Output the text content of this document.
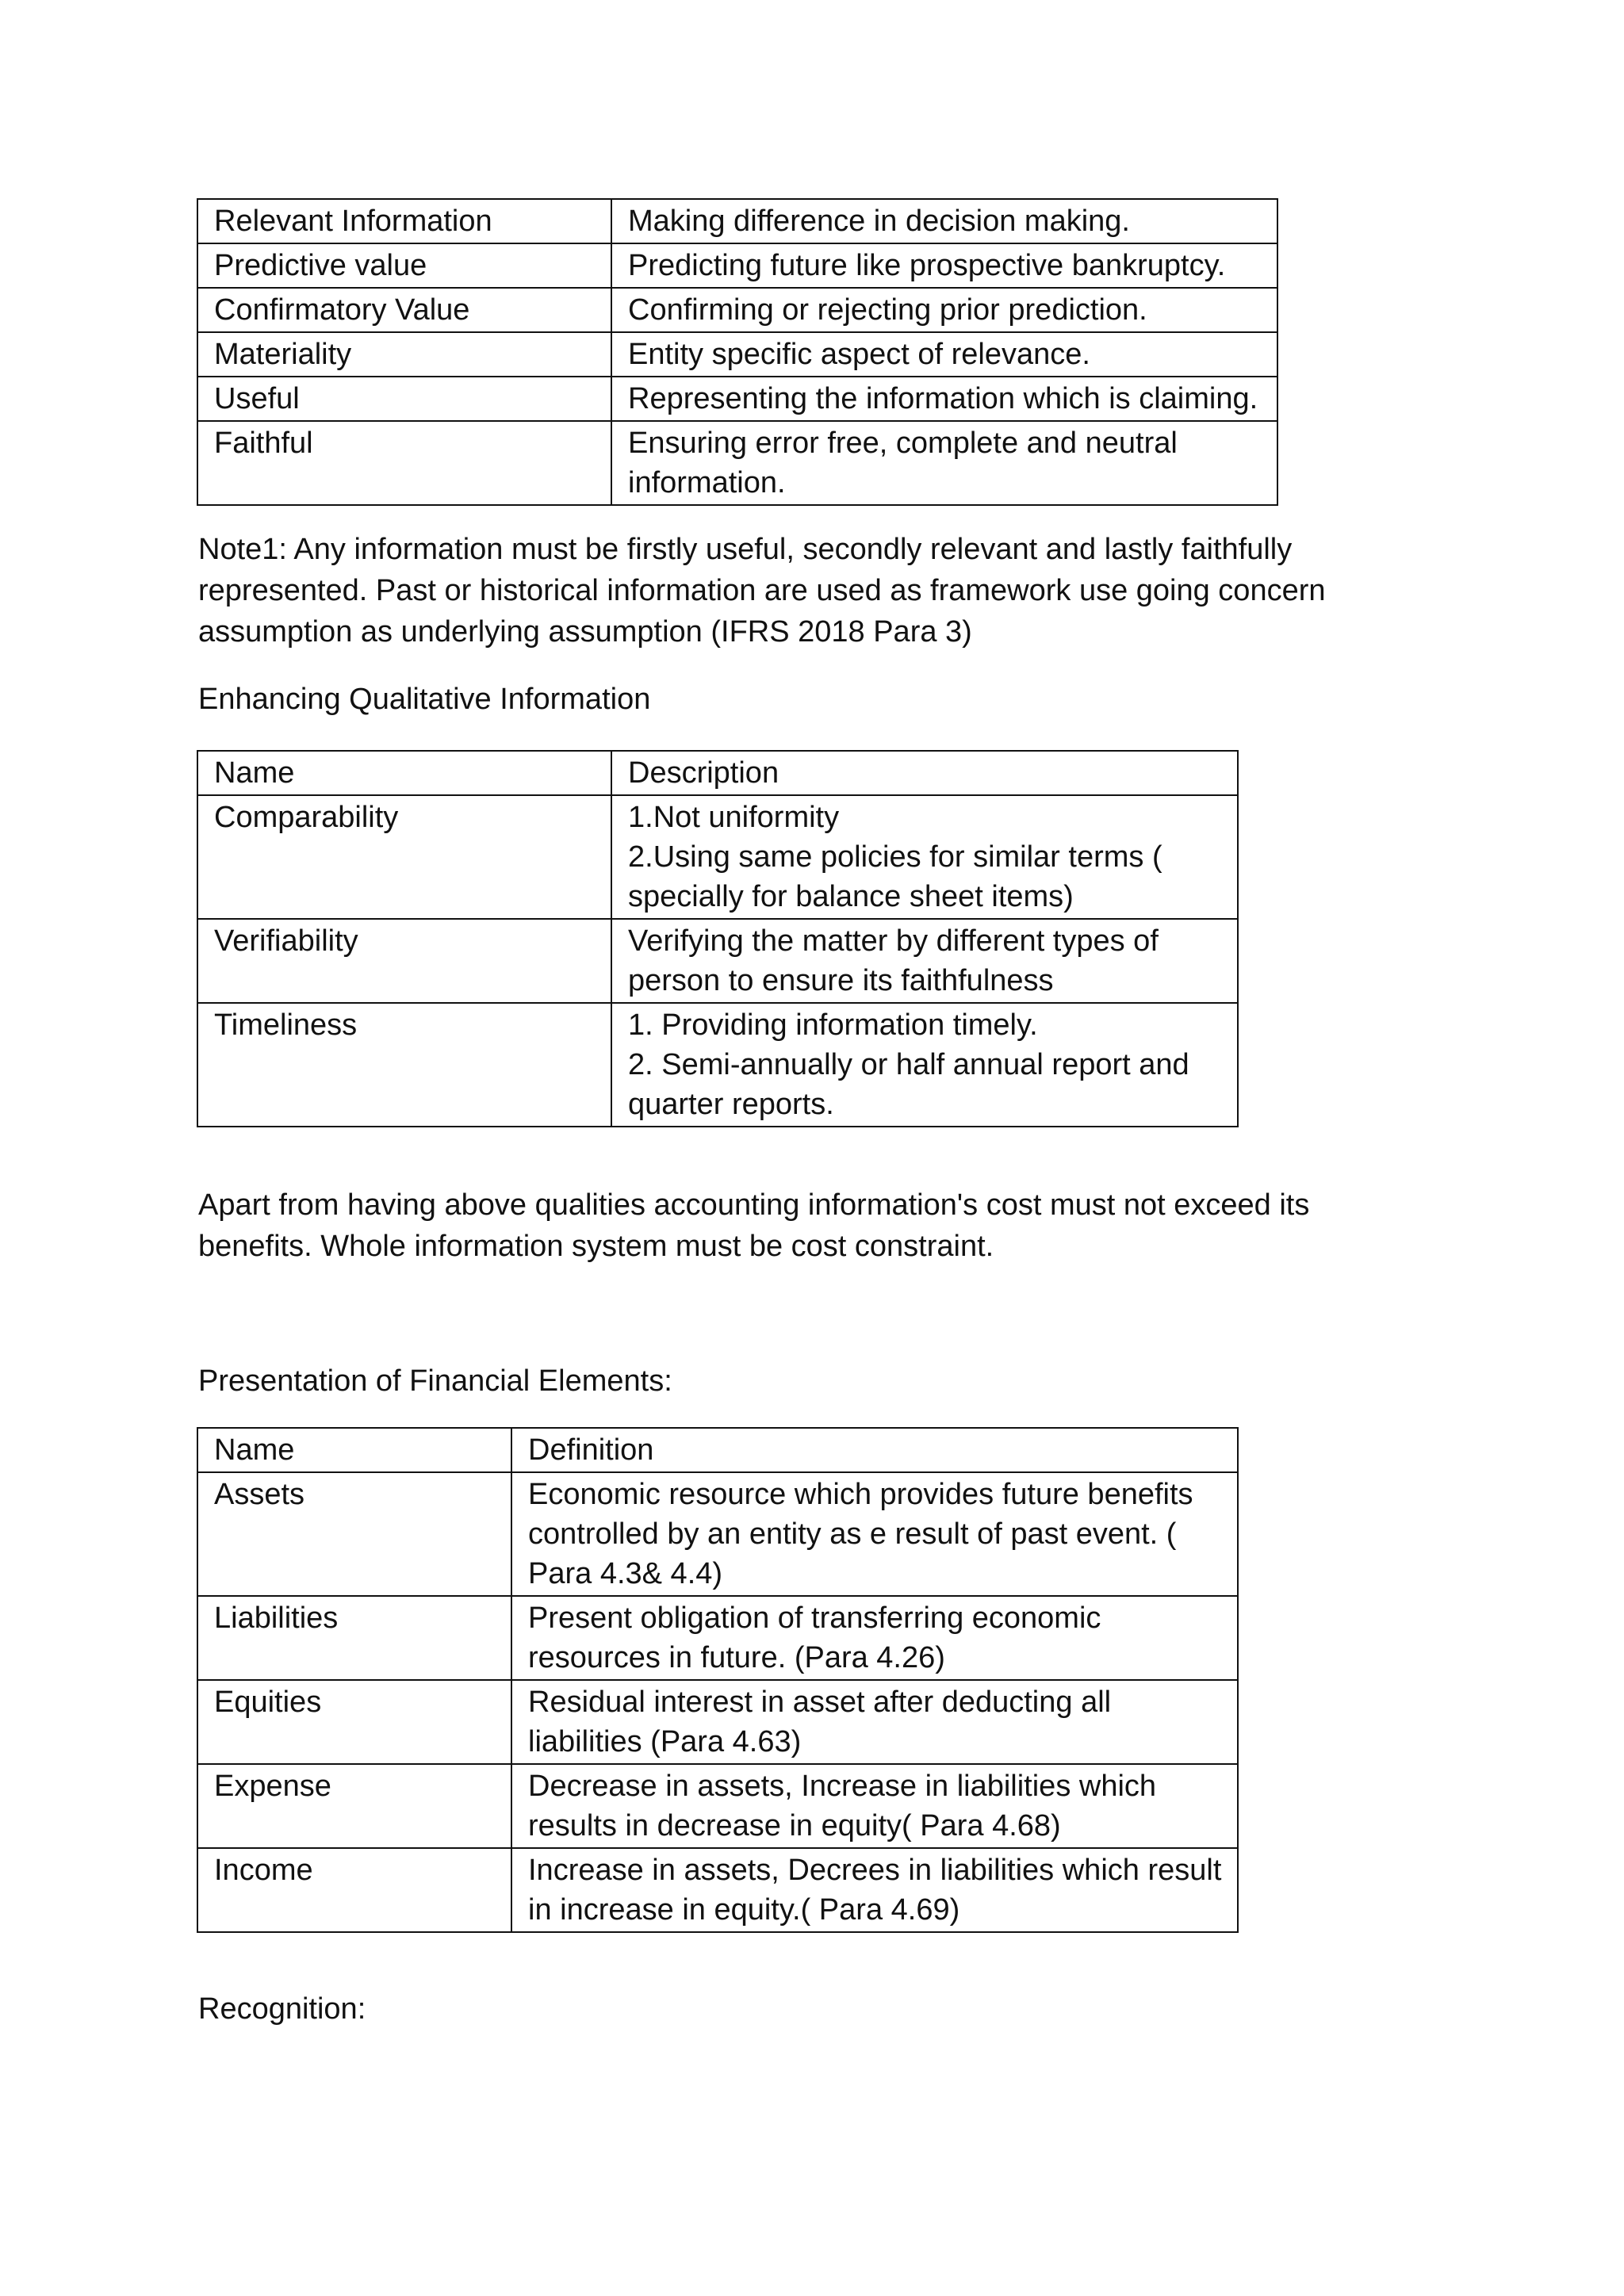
Relevant Information	Making difference in decision making.

Predictive value	Predicting future like prospective bankruptcy.

Confirmatory Value	Confirming or rejecting prior prediction.

Materiality	Entity specific aspect of relevance.

Useful	Representing the information which is claiming.

Faithful	Ensuring error free, complete and neutral information.

Note1: Any information must be firstly useful, secondly relevant and lastly faithfully represented. Past or historical information are used as framework use going concern assumption as underlying assumption (IFRS 2018 Para 3)

Enhancing Qualitative Information

Name	Description
Comparability	1.Not uniformity
2.Using same policies for similar terms ( specially for balance sheet items)

Verifiability	Verifying the matter by different types of person to ensure its faithfulness

Timeliness	1. Providing information timely.
2. Semi-annually or half annual report and quarter reports.

Apart from having above qualities accounting information's cost must not exceed its benefits. Whole information system must be cost constraint.

Presentation of Financial Elements:

Name	Definition
Assets	Economic resource which provides future benefits controlled by an entity as e result of past event. ( Para 4.3& 4.4)
Liabilities	Present obligation of transferring economic resources in future. (Para 4.26)
Equities	Residual interest in asset after deducting all liabilities (Para 4.63)
Expense	Decrease in assets, Increase in liabilities which results in decrease in equity( Para 4.68)
Income	Increase in assets, Decrees in liabilities which result in increase in equity.( Para 4.69)

Recognition:
